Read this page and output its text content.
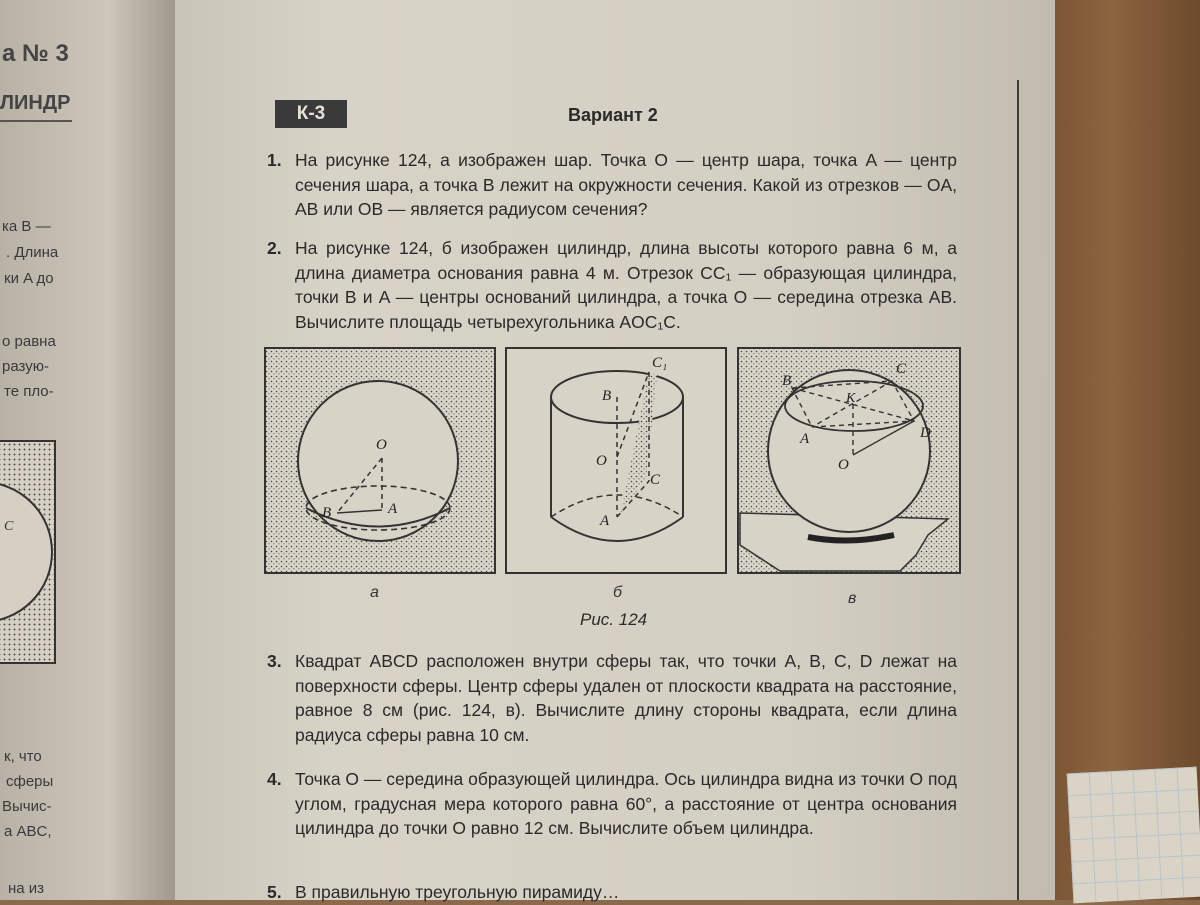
а № 3
ЛИНДР
ка B —
. Длина
ки A до
о равна
разую-
те пло-
C
к, что
сферы
Вычис-
а ABC,
на из
К-3	Вариант 2
1. На рисунке 124, а изображен шар. Точка O — центр шара, точка A — центр сечения шара, а точка B лежит на окружности сечения. Какой из отрезков — OA, AB или OB — является радиусом сечения?
2. На рисунке 124, б изображен цилиндр, длина высоты которого равна 6 м, а длина диаметра основания равна 4 м. Отрезок CC₁ — образующая цилиндра, точки B и A — центры оснований цилиндра, а точка O — середина отрезка AB. Вычислите площадь четырехугольника AOC₁C.
O
A
B
C₁
B
O
C
A
B
C
K
A	D
O
а	б	в
Рис. 124
3. Квадрат ABCD расположен внутри сферы так, что точки A, B, C, D лежат на поверхности сферы. Центр сферы удален от плоскости квадрата на расстояние, равное 8 см (рис. 124, в). Вычислите длину стороны квадрата, если длина радиуса сферы равна 10 см.
4. Точка O — середина образующей цилиндра. Ось цилиндра видна из точки O под углом, градусная мера которого равна 60°, а расстояние от центра основания цилиндра до точки O равно 12 см. Вычислите объем цилиндра.
5. В правильную треугольную пирамиду…
